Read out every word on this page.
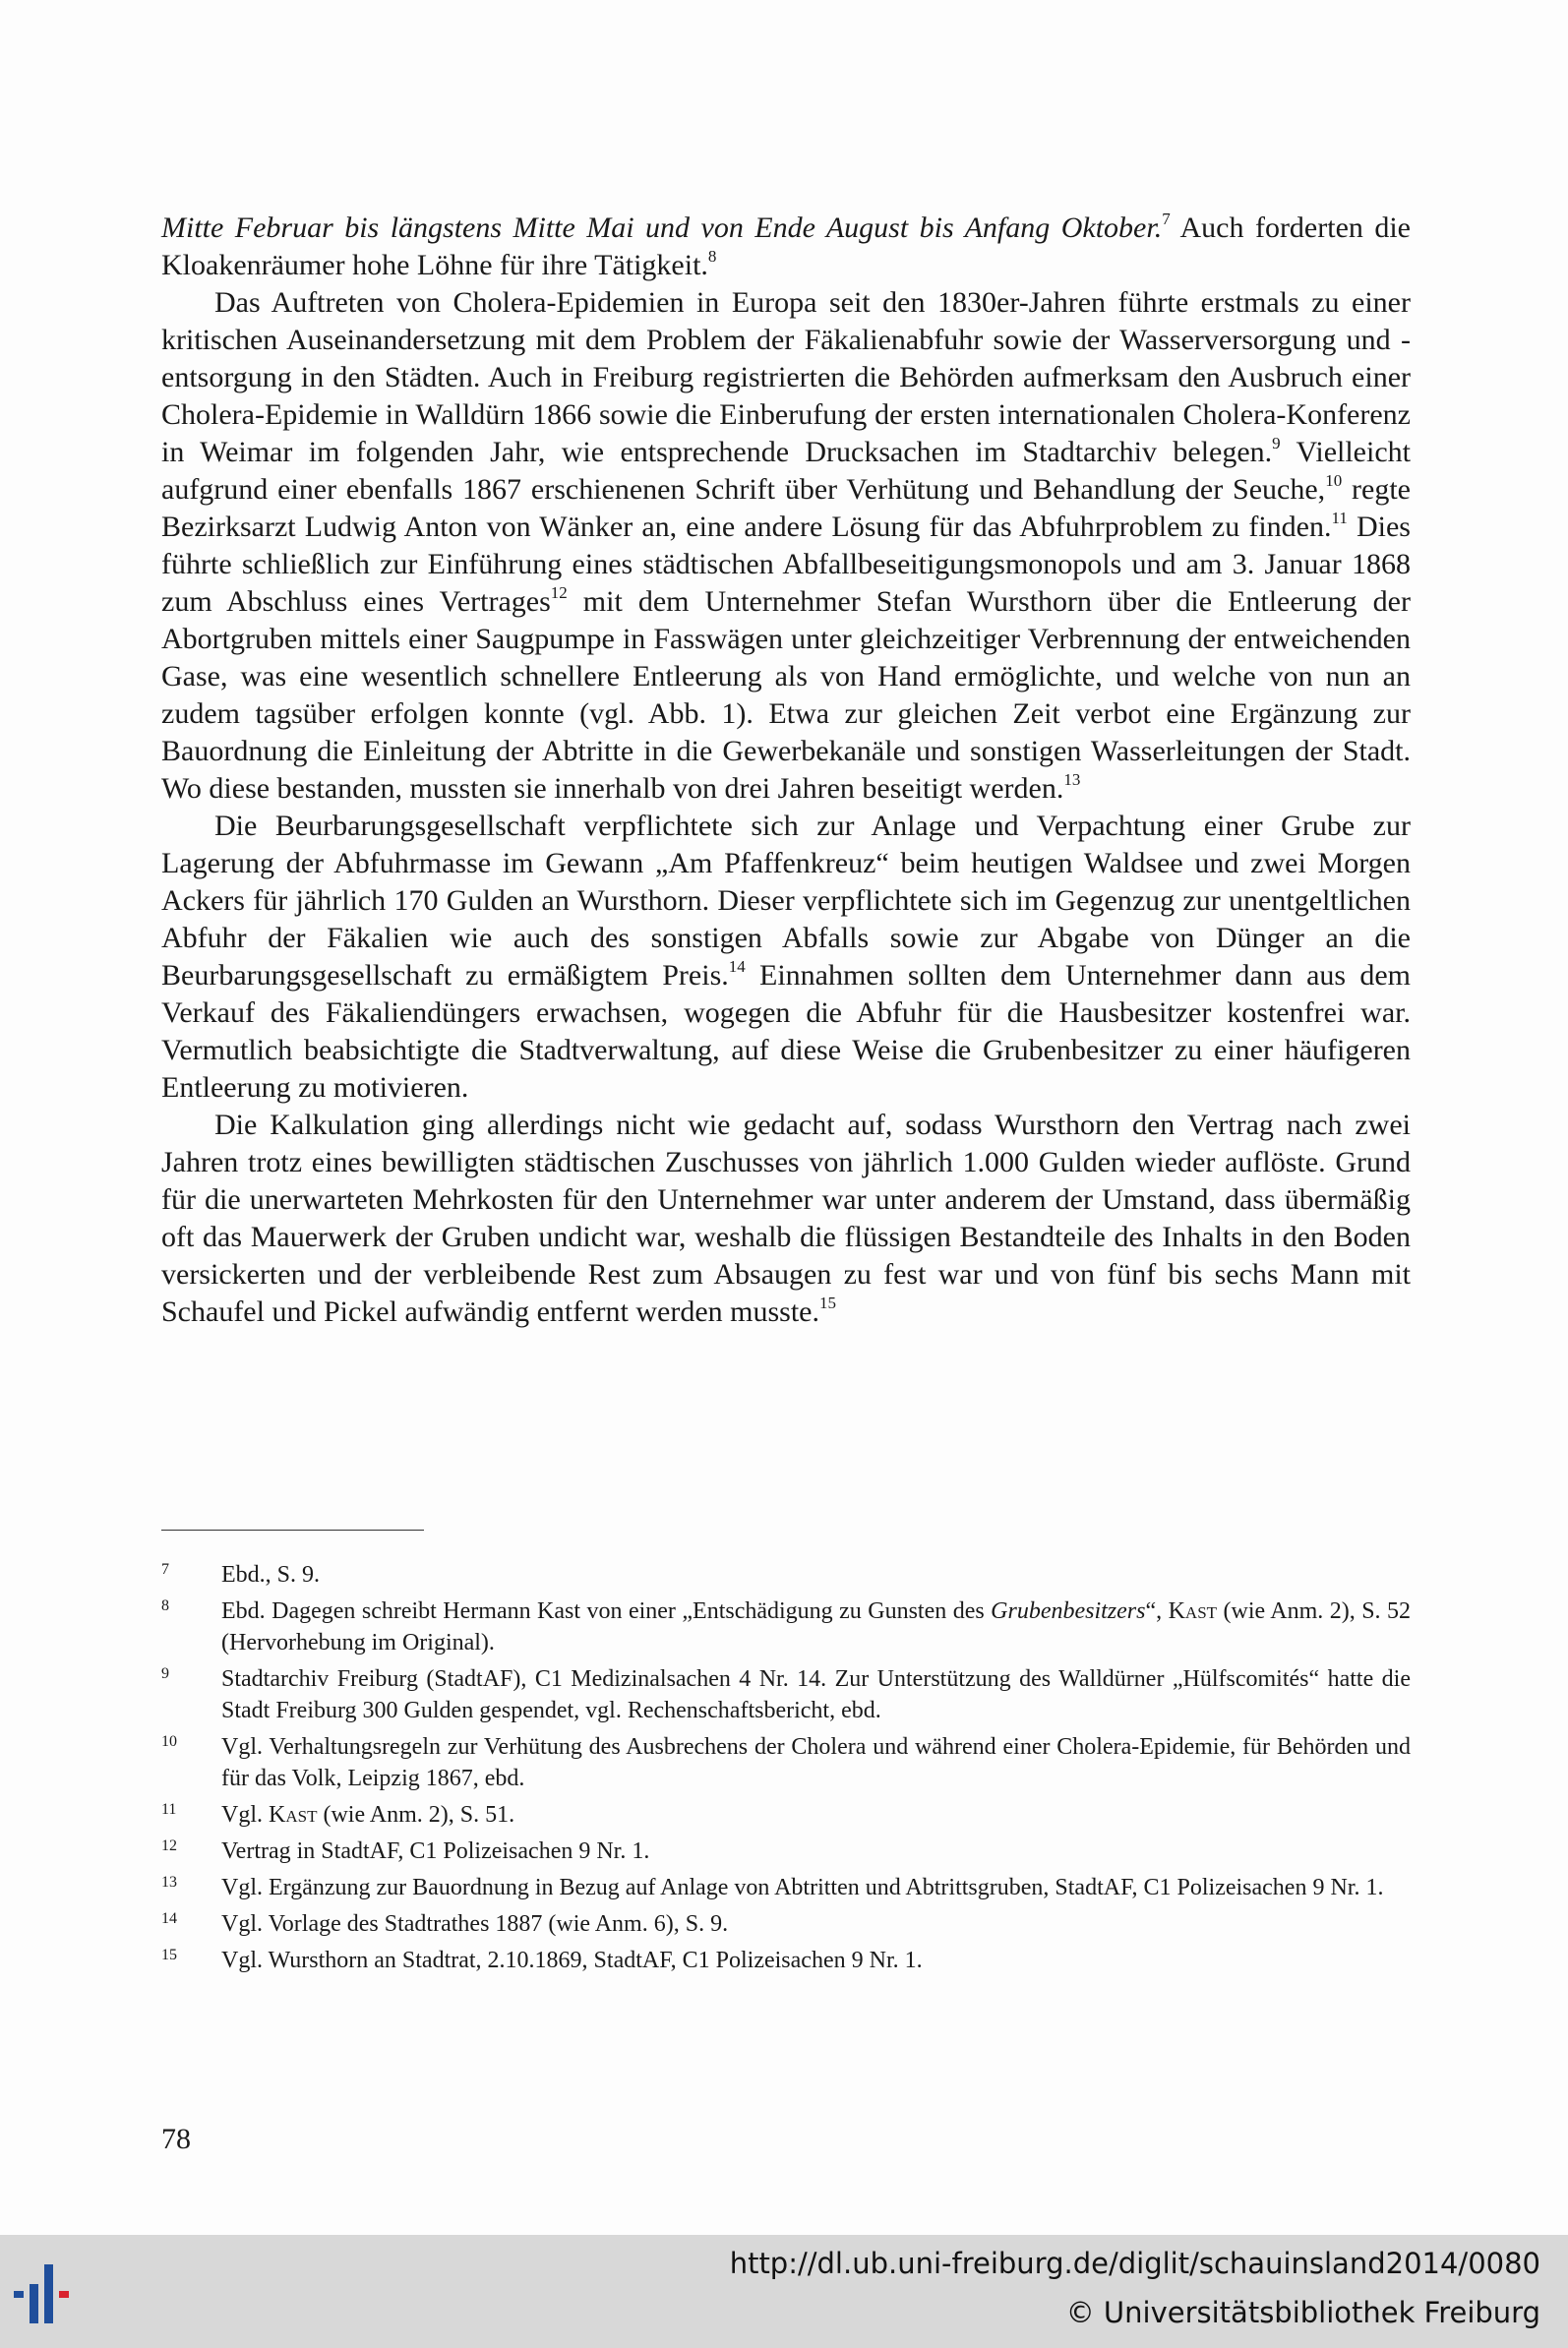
Mitte Februar bis längstens Mitte Mai und von Ende August bis Anfang Oktober.$^7$ Auch forderten die Kloakenräumer hohe Löhne für ihre Tätigkeit.$^8$

Das Auftreten von Cholera-Epidemien in Europa seit den 1830er-Jahren führte erstmals zu einer kritischen Auseinandersetzung mit dem Problem der Fäkalienabfuhr sowie der Wasserversorgung und -entsorgung in den Städten. Auch in Freiburg registrierten die Behörden aufmerksam den Ausbruch einer Cholera-Epidemie in Walldürn 1866 sowie die Einberufung der ersten internationalen Cholera-Konferenz in Weimar im folgenden Jahr, wie entsprechende Drucksachen im Stadtarchiv belegen.$^9$ Vielleicht aufgrund einer ebenfalls 1867 erschienenen Schrift über Verhütung und Behandlung der Seuche,$^{10}$ regte Bezirksarzt Ludwig Anton von Wänker an, eine andere Lösung für das Abfuhrproblem zu finden.$^{11}$ Dies führte schließlich zur Einführung eines städtischen Abfallbeseitigungsmonopols und am 3. Januar 1868 zum Abschluss eines Vertrages$^{12}$ mit dem Unternehmer Stefan Wursthorn über die Entleerung der Abortgruben mittels einer Saugpumpe in Fasswägen unter gleichzeitiger Verbrennung der entweichenden Gase, was eine wesentlich schnellere Entleerung als von Hand ermöglichte, und welche von nun an zudem tagsüber erfolgen konnte (vgl. Abb. 1). Etwa zur gleichen Zeit verbot eine Ergänzung zur Bauordnung die Einleitung der Abtritte in die Gewerbekanäle und sonstigen Wasserleitungen der Stadt. Wo diese bestanden, mussten sie innerhalb von drei Jahren beseitigt werden.$^{13}$

Die Beurbarungsgesellschaft verpflichtete sich zur Anlage und Verpachtung einer Grube zur Lagerung der Abfuhrmasse im Gewann „Am Pfaffenkreuz“ beim heutigen Waldsee und zwei Morgen Ackers für jährlich 170 Gulden an Wursthorn. Dieser verpflichtete sich im Gegenzug zur unentgeltlichen Abfuhr der Fäkalien wie auch des sonstigen Abfalls sowie zur Abgabe von Dünger an die Beurbarungsgesellschaft zu ermäßigtem Preis.$^{14}$ Einnahmen sollten dem Unternehmer dann aus dem Verkauf des Fäkaliendüngers erwachsen, wogegen die Abfuhr für die Hausbesitzer kostenfrei war. Vermutlich beabsichtigte die Stadtverwaltung, auf diese Weise die Grubenbesitzer zu einer häufigeren Entleerung zu motivieren.

Die Kalkulation ging allerdings nicht wie gedacht auf, sodass Wursthorn den Vertrag nach zwei Jahren trotz eines bewilligten städtischen Zuschusses von jährlich 1.000 Gulden wieder auflöste. Grund für die unerwarteten Mehrkosten für den Unternehmer war unter anderem der Umstand, dass übermäßig oft das Mauerwerk der Gruben undicht war, weshalb die flüssigen Bestandteile des Inhalts in den Boden versickerten und der verbleibende Rest zum Absaugen zu fest war und von fünf bis sechs Mann mit Schaufel und Pickel aufwändig entfernt werden musste.$^{15}$

7	Ebd., S. 9.
8	Ebd. Dagegen schreibt Hermann Kast von einer „Entschädigung zu Gunsten des Grubenbesitzers“, Kast (wie Anm. 2), S. 52 (Hervorhebung im Original).
9	Stadtarchiv Freiburg (StadtAF), C1 Medizinalsachen 4 Nr. 14. Zur Unterstützung des Walldürner „Hülfscomités“ hatte die Stadt Freiburg 300 Gulden gespendet, vgl. Rechenschaftsbericht, ebd.
10	Vgl. Verhaltungsregeln zur Verhütung des Ausbrechens der Cholera und während einer Cholera-Epidemie, für Behörden und für das Volk, Leipzig 1867, ebd.
11	Vgl. Kast (wie Anm. 2), S. 51.
12	Vertrag in StadtAF, C1 Polizeisachen 9 Nr. 1.
13	Vgl. Ergänzung zur Bauordnung in Bezug auf Anlage von Abtritten und Abtrittsgruben, StadtAF, C1 Polizeisachen 9 Nr. 1.
14	Vgl. Vorlage des Stadtrathes 1887 (wie Anm. 6), S. 9.
15	Vgl. Wursthorn an Stadtrat, 2.10.1869, StadtAF, C1 Polizeisachen 9 Nr. 1.
78
http://dl.ub.uni-freiburg.de/diglit/schauinsland2014/0080
© Universitätsbibliothek Freiburg
